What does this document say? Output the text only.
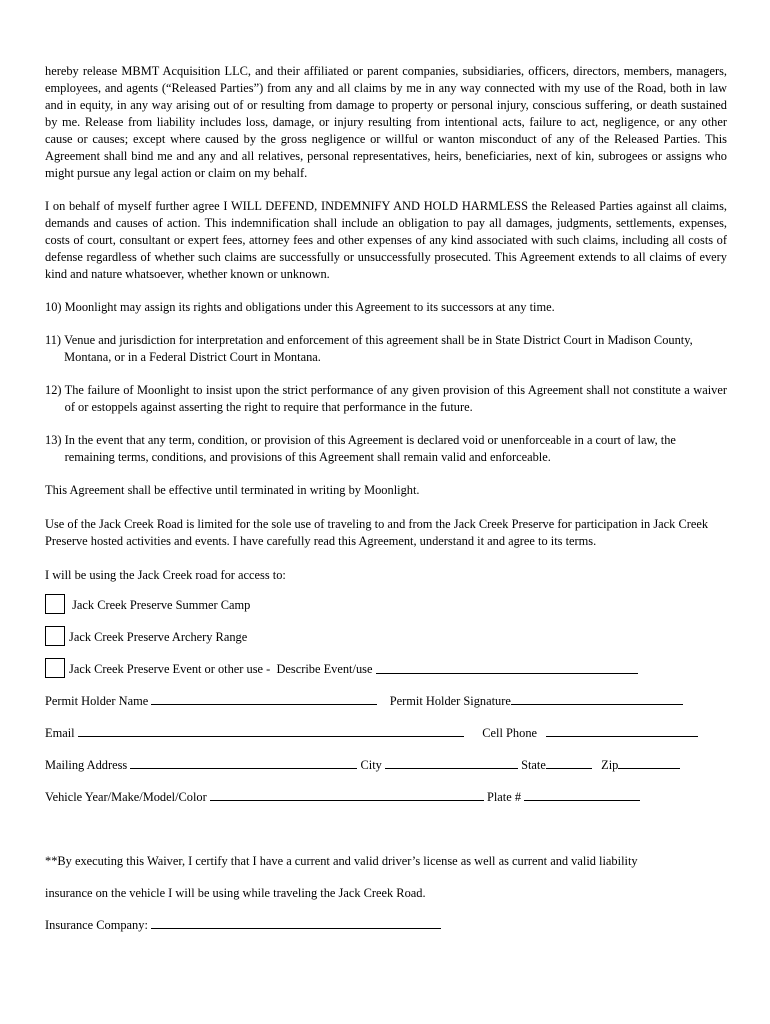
hereby release MBMT Acquisition LLC, and their affiliated or parent companies, subsidiaries, officers, directors, members, managers, employees, and agents (“Released Parties”) from any and all claims by me in any way connected with my use of the Road, both in law and in equity, in any way arising out of or resulting from damage to property or personal injury, conscious suffering, or death sustained by me. Release from liability includes loss, damage, or injury resulting from intentional acts, failure to act, negligence, or any other cause or causes; except where caused by the gross negligence or willful or wanton misconduct of any of the Released Parties. This Agreement shall bind me and any and all relatives, personal representatives, heirs, beneficiaries, next of kin, subrogees or assigns who might pursue any legal action or claim on my behalf.

I on behalf of myself further agree I WILL DEFEND, INDEMNIFY AND HOLD HARMLESS the Released Parties against all claims, demands and causes of action. This indemnification shall include an obligation to pay all damages, judgments, settlements, expenses, costs of court, consultant or expert fees, attorney fees and other expenses of any kind associated with such claims, including all costs of defense regardless of whether such claims are successfully or unsuccessfully prosecuted. This Agreement extends to all claims of every kind and nature whatsoever, whether known or unknown.

10) Moonlight may assign its rights and obligations under this Agreement to its successors at any time.
11) Venue and jurisdiction for interpretation and enforcement of this agreement shall be in State District Court in Madison County, Montana, or in a Federal District Court in Montana.
12) The failure of Moonlight to insist upon the strict performance of any given provision of this Agreement shall not constitute a waiver of or estoppels against asserting the right to require that performance in the future.
13) In the event that any term, condition, or provision of this Agreement is declared void or unenforceable in a court of law, the remaining terms, conditions, and provisions of this Agreement shall remain valid and enforceable.

This Agreement shall be effective until terminated in writing by Moonlight.

Use of the Jack Creek Road is limited for the sole use of traveling to and from the Jack Creek Preserve for participation in Jack Creek Preserve hosted activities and events. I have carefully read this Agreement, understand it and agree to its terms.

I will be using the Jack Creek road for access to:

Jack Creek Preserve Summer Camp
Jack Creek Preserve Archery Range
Jack Creek Preserve Event or other use -  Describe Event/use
Permit Holder Name	Permit Holder Signature
Email	Cell Phone
Mailing Address	City	State	Zip
Vehicle Year/Make/Model/Color	Plate #

**By executing this Waiver, I certify that I have a current and valid driver’s license as well as current and valid liability

insurance on the vehicle I will be using while traveling the Jack Creek Road.

Insurance Company:
